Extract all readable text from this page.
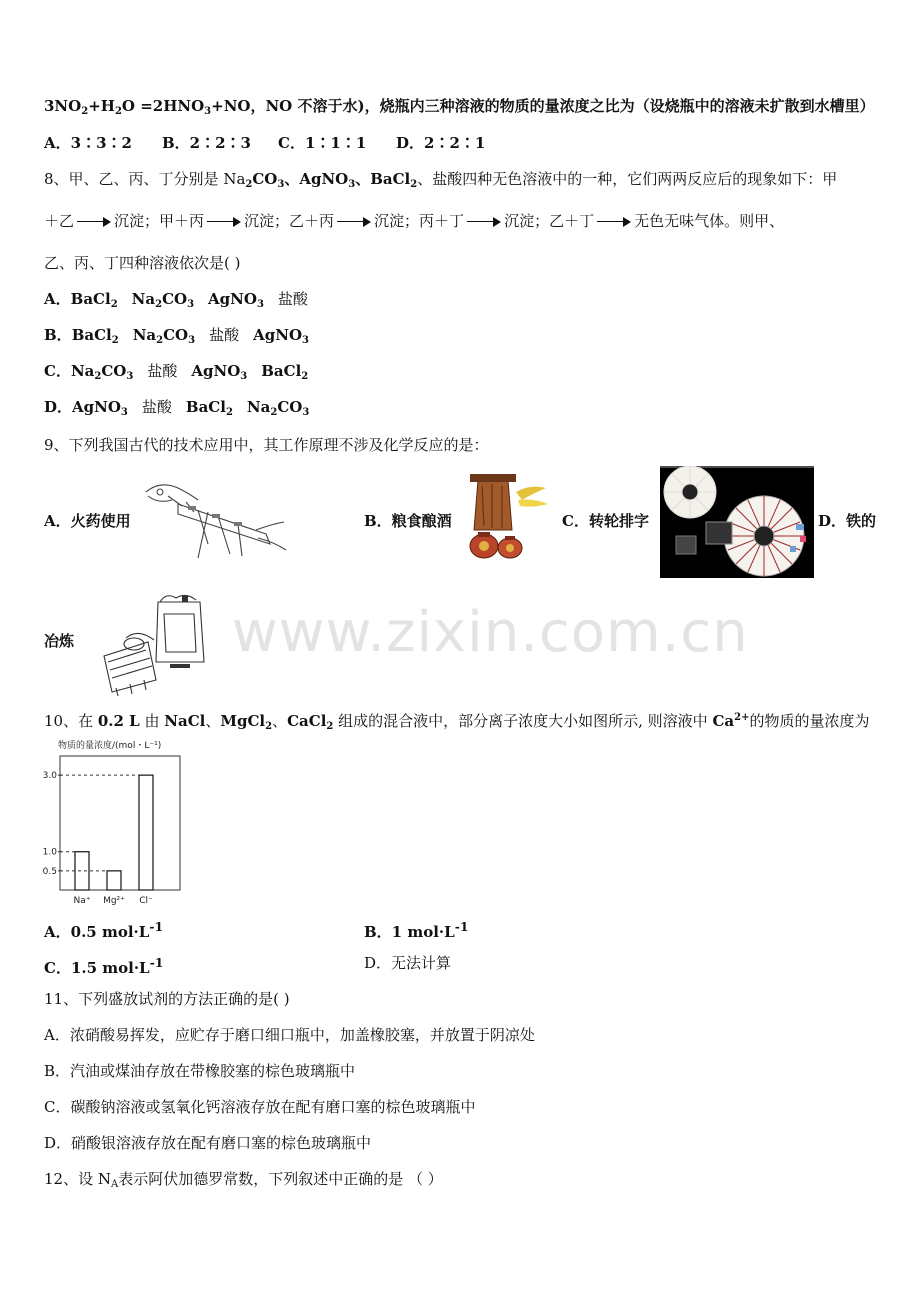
$3NO_2+H_2O =2HNO_3+NO$，NO 不溶于水)，烧瓶内三种溶液的物质的量浓度之比为（设烧瓶中的溶液未扩散到水槽里）
A．3∶3∶2 B．2∶2∶3 C．1∶1∶1 D．2∶2∶1
8、甲、乙、丙、丁分别是 $Na_2CO_3$、AgNO$_3$、BaCl$_2$、盐酸四种无色溶液中的一种，它们两两反应后的现象如下：甲
＋乙	沉淀；甲＋丙	沉淀；乙＋丙	沉淀；丙＋丁	沉淀；乙＋丁	无色无味气体。则甲、
乙、丙、丁四种溶液依次是( )
A．BaCl$_2$ $Na_2CO_3$ AgNO$_3$ 盐酸
B．BaCl$_2$ $Na_2CO_3$ 盐酸 AgNO$_3$
C．$Na_2CO_3$ 盐酸 AgNO$_3$ BaCl$_2$
D．AgNO$_3$ 盐酸 BaCl$_2$ $Na_2CO_3$
9、下列我国古代的技术应用中，其工作原理不涉及化学反应的是：
A．火药使用	B．粮食酿酒	C．转轮排字	D．铁的
冶炼	www.zixin.com.cn
10、在 0.2 L 由 NaCl、MgCl$_2$、CaCl$_2$ 组成的混合液中，部分离子浓度大小如图所示, 则溶液中 $Ca^{2+}$的物质的量浓度为
物质的量浓度/(mol・L⁻¹)
Na⁺ Mg²⁺ Cl⁻
0.5
1.0
3.0
A．0.5 $mol\cdot L^{-1}$	B．1 $mol\cdot L^{-1}$
C．1.5 $mol\cdot L^{-1}$	D．无法计算
11、下列盛放试剂的方法正确的是( )
A．浓硝酸易挥发，应贮存于磨口细口瓶中，加盖橡胶塞，并放置于阴凉处
B．汽油或煤油存放在带橡胶塞的棕色玻璃瓶中
C．碳酸钠溶液或氢氧化钙溶液存放在配有磨口塞的棕色玻璃瓶中
D．硝酸银溶液存放在配有磨口塞的棕色玻璃瓶中
12、设 $N_A$表示阿伏加德罗常数，下列叙述中正确的是 （ ）
